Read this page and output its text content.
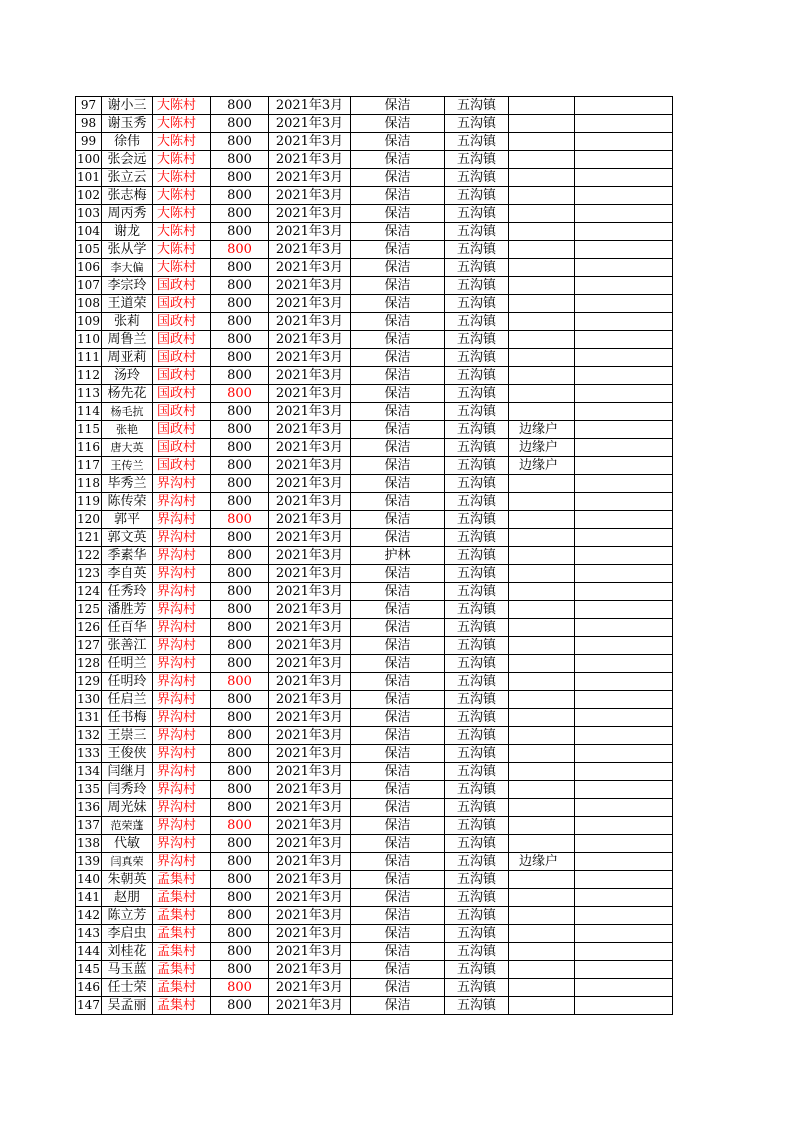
97	谢小三	大陈村	800	2021年3月	保洁	五沟镇		
98	谢玉秀	大陈村	800	2021年3月	保洁	五沟镇		
99	徐伟	大陈村	800	2021年3月	保洁	五沟镇		
100	张会远	大陈村	800	2021年3月	保洁	五沟镇		
101	张立云	大陈村	800	2021年3月	保洁	五沟镇		
102	张志梅	大陈村	800	2021年3月	保洁	五沟镇		
103	周丙秀	大陈村	800	2021年3月	保洁	五沟镇		
104	谢龙	大陈村	800	2021年3月	保洁	五沟镇		
105	张从学	大陈村	800	2021年3月	保洁	五沟镇		
106	李大偏	大陈村	800	2021年3月	保洁	五沟镇		
107	李宗玲	国政村	800	2021年3月	保洁	五沟镇		
108	王道荣	国政村	800	2021年3月	保洁	五沟镇		
109	张莉	国政村	800	2021年3月	保洁	五沟镇		
110	周鲁兰	国政村	800	2021年3月	保洁	五沟镇		
111	周亚莉	国政村	800	2021年3月	保洁	五沟镇		
112	汤玲	国政村	800	2021年3月	保洁	五沟镇		
113	杨先花	国政村	800	2021年3月	保洁	五沟镇		
114	杨毛抗	国政村	800	2021年3月	保洁	五沟镇		
115	张艳	国政村	800	2021年3月	保洁	五沟镇	边缘户	
116	唐大英	国政村	800	2021年3月	保洁	五沟镇	边缘户	
117	王传兰	国政村	800	2021年3月	保洁	五沟镇	边缘户	
118	毕秀兰	界沟村	800	2021年3月	保洁	五沟镇		
119	陈传荣	界沟村	800	2021年3月	保洁	五沟镇		
120	郭平	界沟村	800	2021年3月	保洁	五沟镇		
121	郭文英	界沟村	800	2021年3月	保洁	五沟镇		
122	季素华	界沟村	800	2021年3月	护林	五沟镇		
123	李自英	界沟村	800	2021年3月	保洁	五沟镇		
124	任秀玲	界沟村	800	2021年3月	保洁	五沟镇		
125	潘胜芳	界沟村	800	2021年3月	保洁	五沟镇		
126	任百华	界沟村	800	2021年3月	保洁	五沟镇		
127	张善江	界沟村	800	2021年3月	保洁	五沟镇		
128	任明兰	界沟村	800	2021年3月	保洁	五沟镇		
129	任明玲	界沟村	800	2021年3月	保洁	五沟镇		
130	任启兰	界沟村	800	2021年3月	保洁	五沟镇		
131	任书梅	界沟村	800	2021年3月	保洁	五沟镇		
132	王崇三	界沟村	800	2021年3月	保洁	五沟镇		
133	王俊侠	界沟村	800	2021年3月	保洁	五沟镇		
134	闫继月	界沟村	800	2021年3月	保洁	五沟镇		
135	闫秀玲	界沟村	800	2021年3月	保洁	五沟镇		
136	周光妹	界沟村	800	2021年3月	保洁	五沟镇		
137	范荣蓬	界沟村	800	2021年3月	保洁	五沟镇		
138	代敏	界沟村	800	2021年3月	保洁	五沟镇		
139	闫真荣	界沟村	800	2021年3月	保洁	五沟镇	边缘户	
140	朱朝英	孟集村	800	2021年3月	保洁	五沟镇		
141	赵朋	孟集村	800	2021年3月	保洁	五沟镇		
142	陈立芳	孟集村	800	2021年3月	保洁	五沟镇		
143	李启虫	孟集村	800	2021年3月	保洁	五沟镇		
144	刘桂花	孟集村	800	2021年3月	保洁	五沟镇		
145	马玉蓝	孟集村	800	2021年3月	保洁	五沟镇		
146	任士荣	孟集村	800	2021年3月	保洁	五沟镇		
147	吴孟丽	孟集村	800	2021年3月	保洁	五沟镇		
